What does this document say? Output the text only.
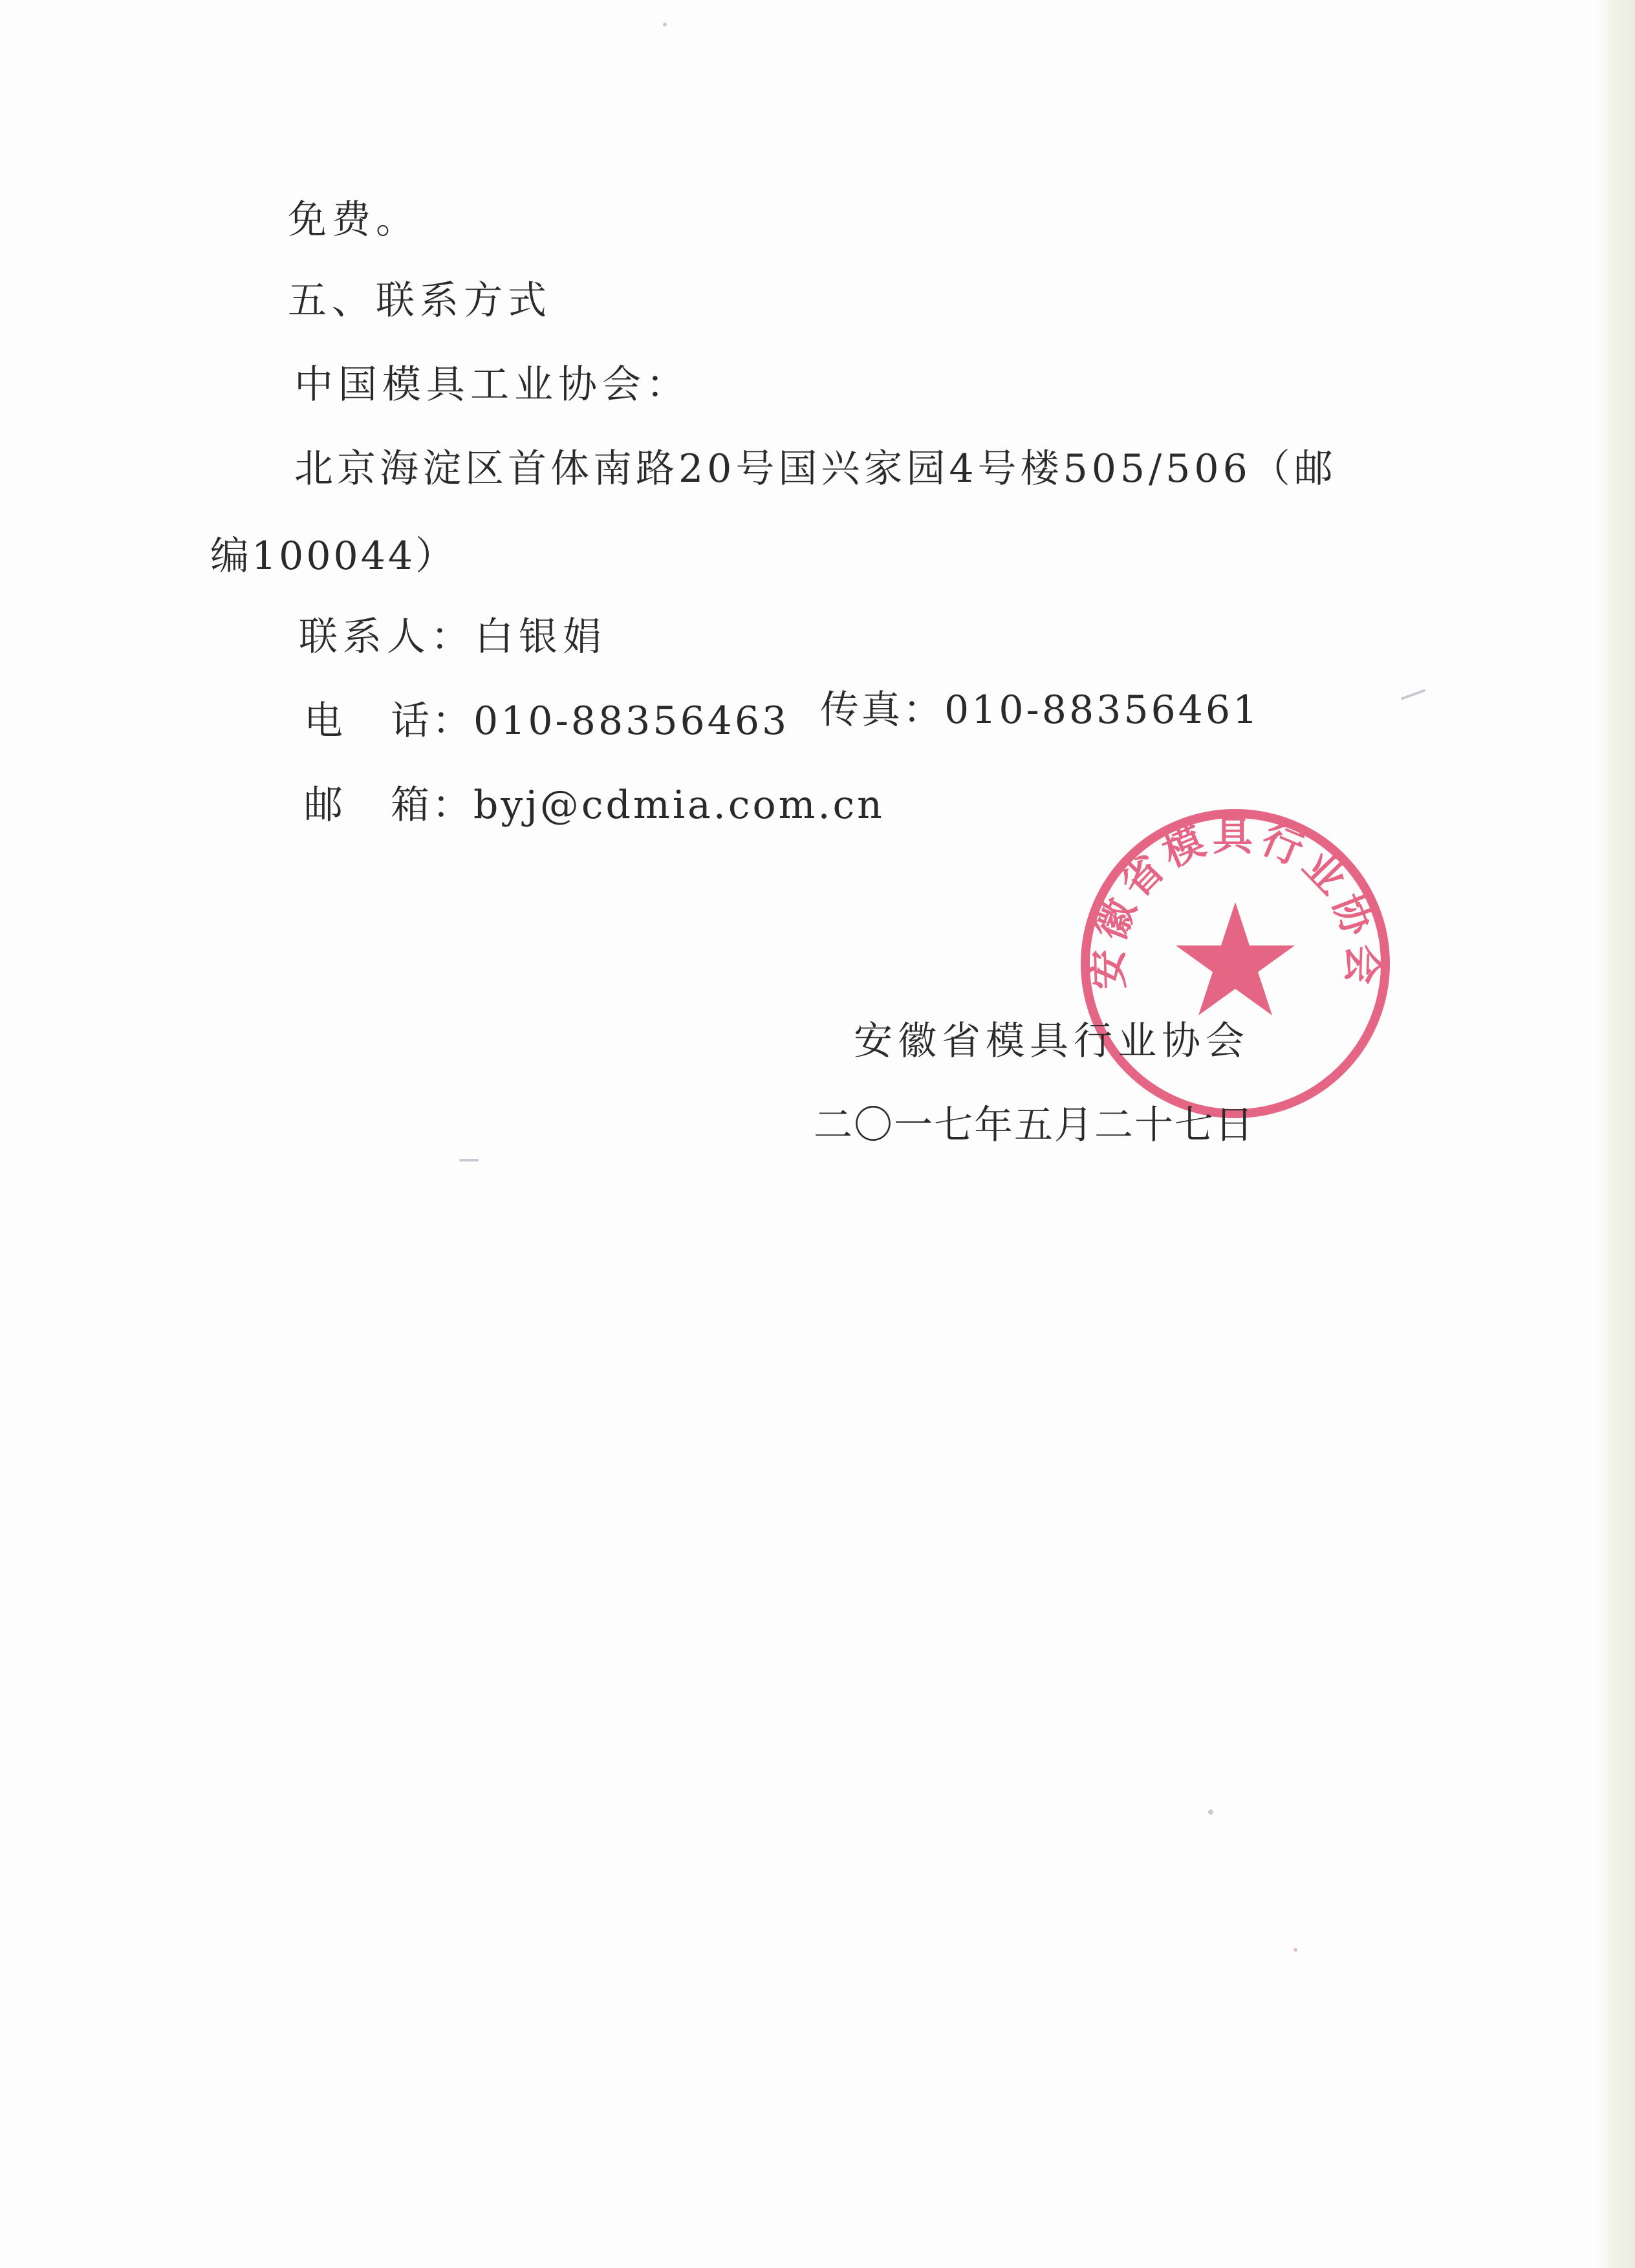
免费。
五、联系方式
中国模具工业协会：
北京海淀区首体南路20号国兴家园4号楼505/506（邮
编100044）
联系人：白银娟
电 话：010-88356463 传真：010-88356461
邮 箱：byj@cdmia.com.cn
安徽省模具行业协会
安徽省模具行业协会
二〇一七年五月二十七日
